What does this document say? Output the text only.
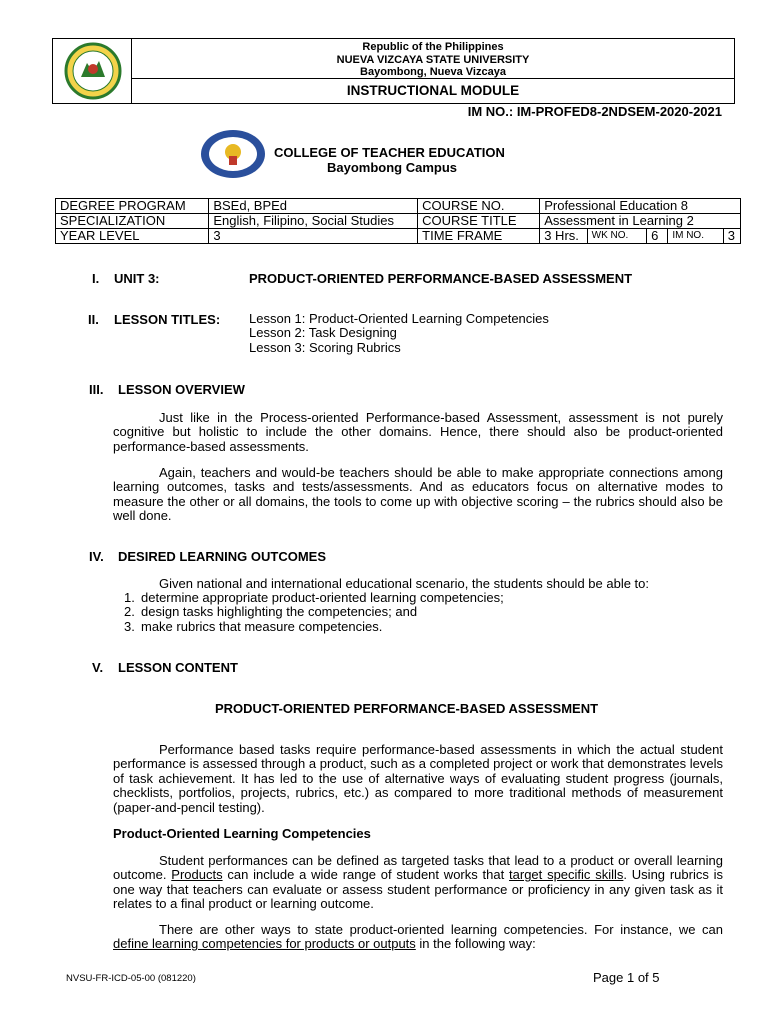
Republic of the Philippines
NUEVA VIZCAYA STATE UNIVERSITY
Bayombong, Nueva Vizcaya
INSTRUCTIONAL MODULE
IM NO.: IM-PROFED8-2NDSEM-2020-2021
COLLEGE OF TEACHER EDUCATION
Bayombong Campus
DEGREE PROGRAM	BSEd, BPEd	COURSE NO.	Professional Education 8				
SPECIALIZATION	English, Filipino, Social Studies	COURSE TITLE	Assessment in Learning 2				
YEAR LEVEL	3	TIME FRAME	3 Hrs.	WK NO.	6	IM NO.	3
I. UNIT 3:	PRODUCT-ORIENTED PERFORMANCE-BASED ASSESSMENT
II. LESSON TITLES: Lesson 1: Product-Oriented Learning Competencies
Lesson 2: Task Designing
Lesson 3: Scoring Rubrics
III. LESSON OVERVIEW
Just like in the Process-oriented Performance-based Assessment, assessment is not purely cognitive but holistic to include the other domains. Hence, there should also be product-oriented performance-based assessments.
Again, teachers and would-be teachers should be able to make appropriate connections among learning outcomes, tasks and tests/assessments. And as educators focus on alternative modes to measure the other or all domains, the tools to come up with objective scoring – the rubrics should also be well done.
IV. DESIRED LEARNING OUTCOMES
Given national and international educational scenario, the students should be able to:
1. determine appropriate product-oriented learning competencies;
2. design tasks highlighting the competencies; and
3. make rubrics that measure competencies.
V. LESSON CONTENT
PRODUCT-ORIENTED PERFORMANCE-BASED ASSESSMENT
Performance based tasks require performance-based assessments in which the actual student performance is assessed through a product, such as a completed project or work that demonstrates levels of task achievement. It has led to the use of alternative ways of evaluating student progress (journals, checklists, portfolios, projects, rubrics, etc.) as compared to more traditional methods of measurement (paper-and-pencil testing).
Product-Oriented Learning Competencies
Student performances can be defined as targeted tasks that lead to a product or overall learning outcome. Products can include a wide range of student works that target specific skills. Using rubrics is one way that teachers can evaluate or assess student performance or proficiency in any given task as it relates to a final product or learning outcome.
There are other ways to state product-oriented learning competencies. For instance, we can define learning competencies for products or outputs in the following way:
NVSU-FR-ICD-05-00 (081220)	Page 1 of 5
